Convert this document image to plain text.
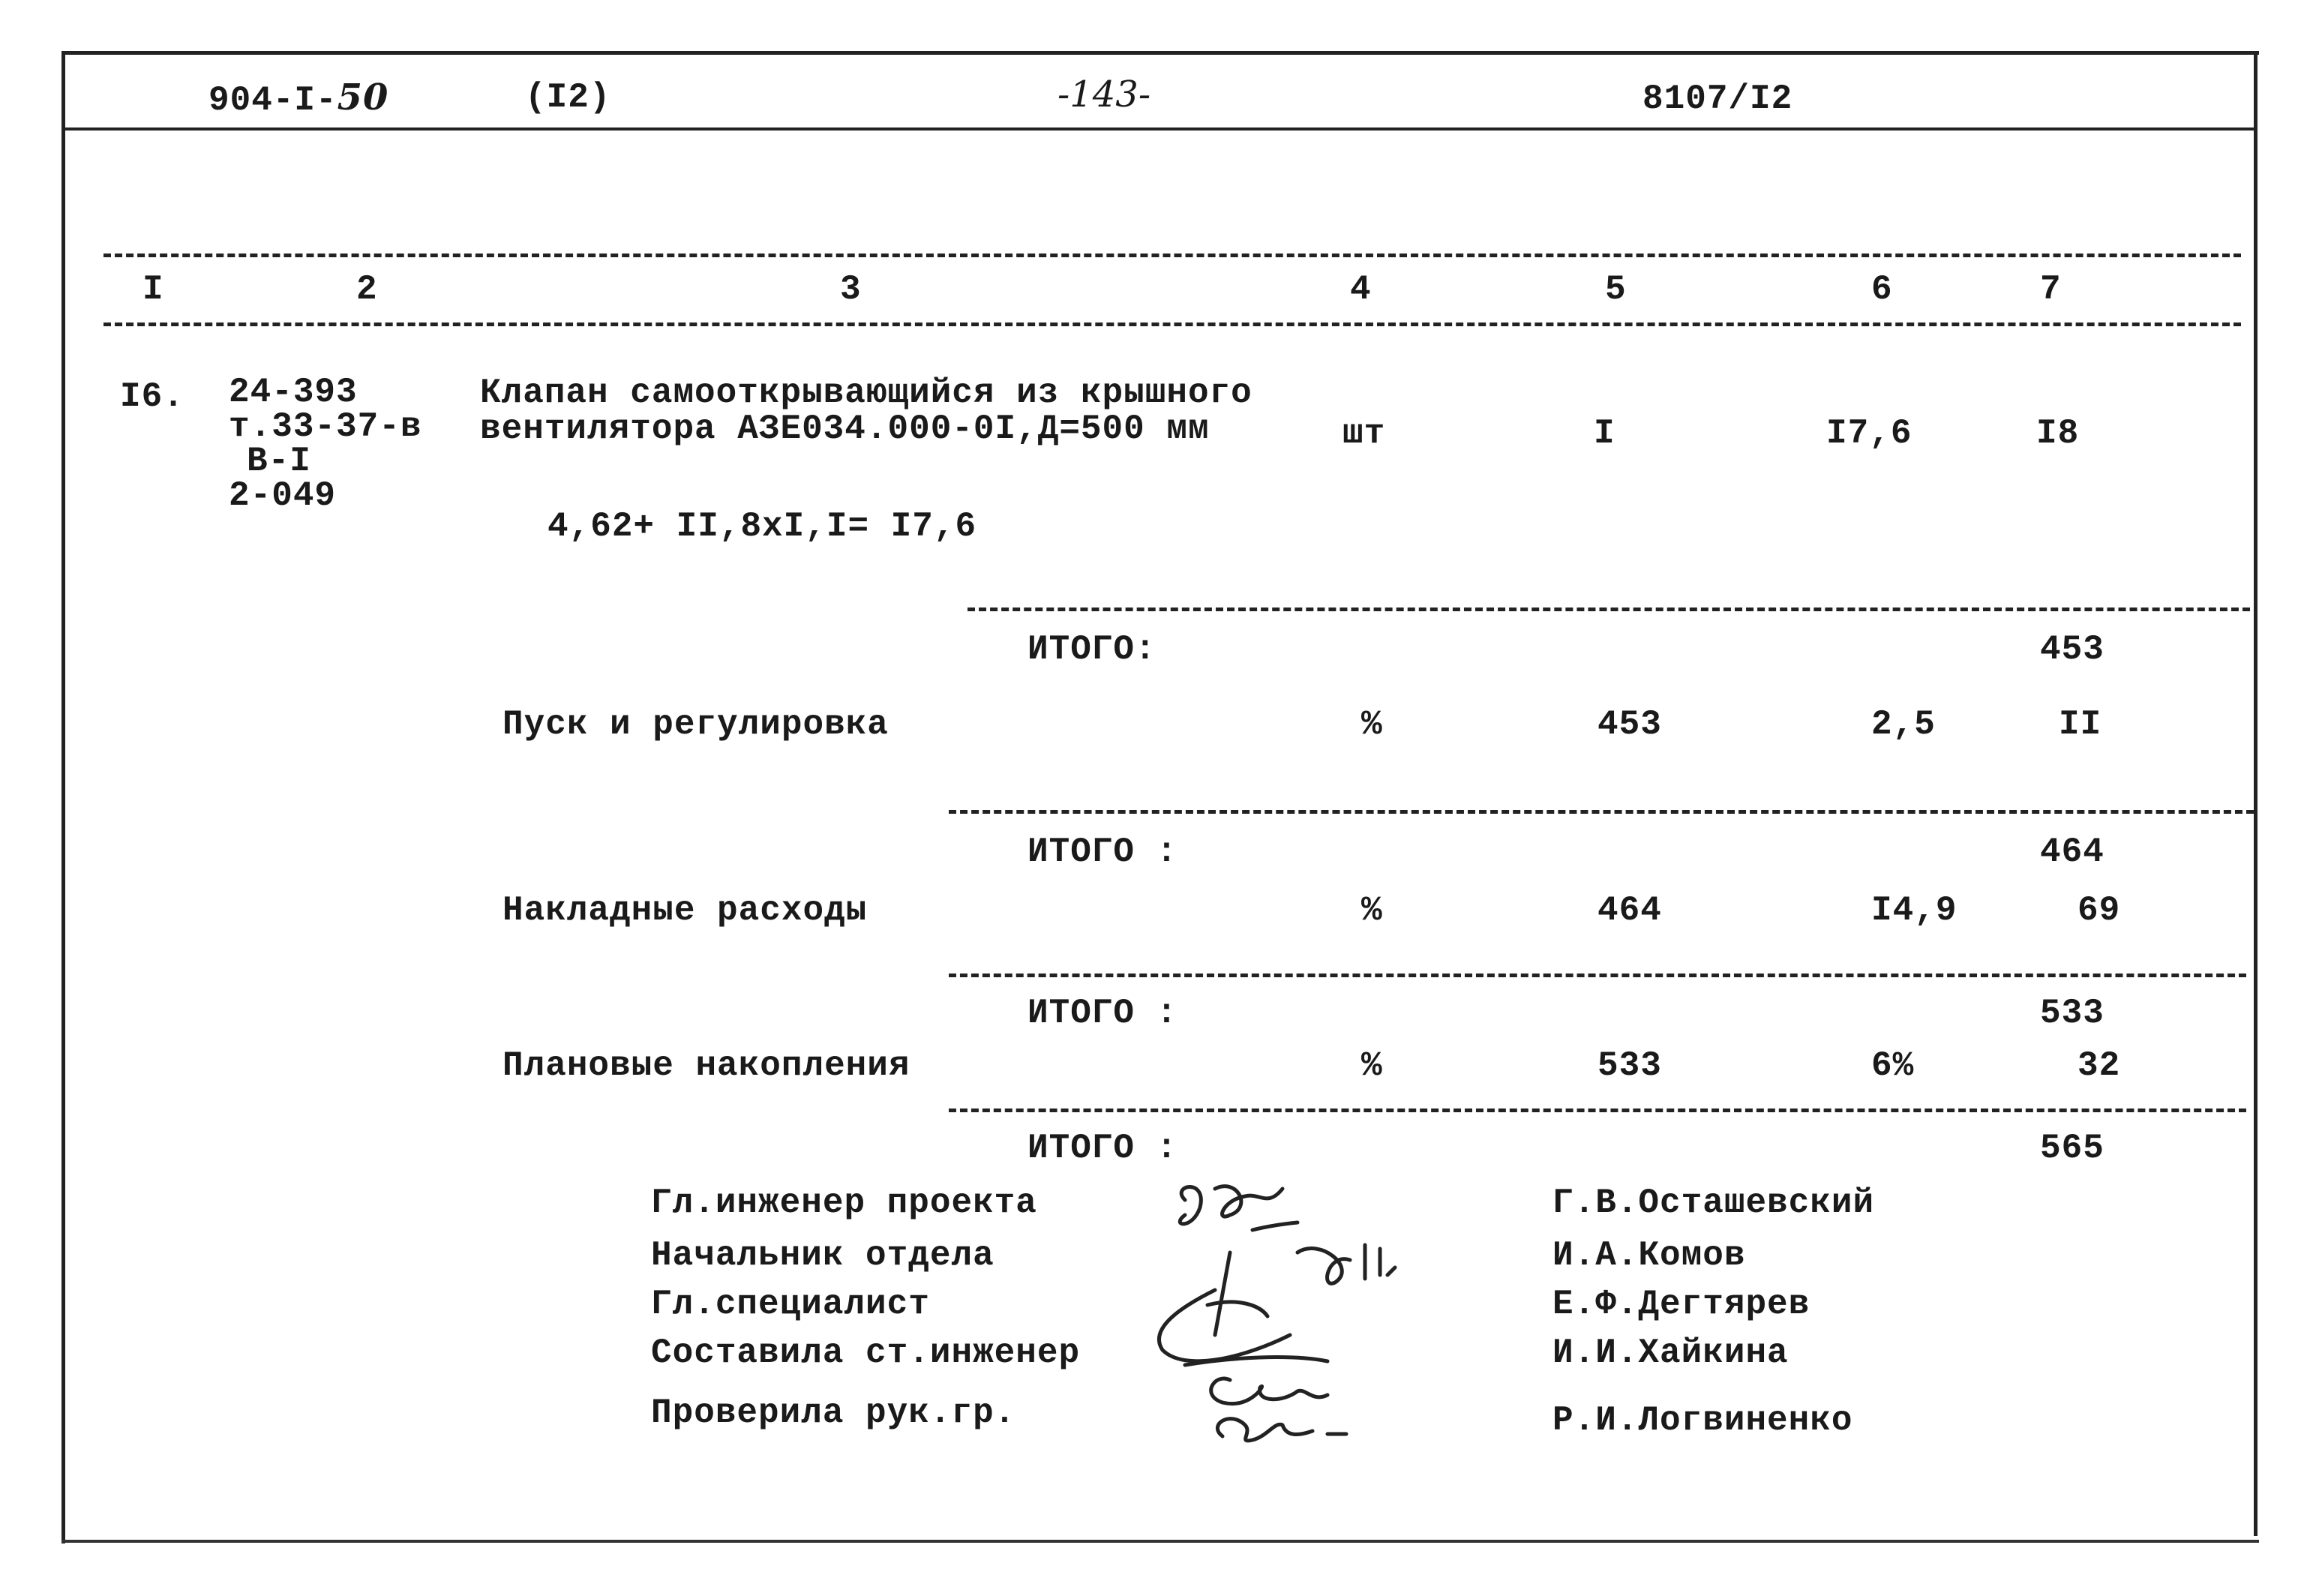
904-I-50	(I2)	-143-	8107/I2
I	2	3	4	5	6	7
I6. 24-393
т.33-37-в
В-I
2-049
Клапан самооткрывающийся из крышного
вентилятора АЗЕ034.000-0I,Д=500 мм	шт	I	I7,6	I8
4,62+ II,8хI,I= I7,6
ИТОГО:	453
Пуск и регулировка	%	453	2,5	II
ИТОГО :	464
Накладные расходы	%	464	I4,9	69
ИТОГО :	533
Плановые накопления	%	533	6%	32
ИТОГО :	565
Гл.инженер проекта	Г.В.Осташевский
Начальник отдела	И.А.Комов
Гл.специалист	Е.Ф.Дегтярев
Составила ст.инженер	И.И.Хайкина
Проверила рук.гр.	Р.И.Логвиненко
